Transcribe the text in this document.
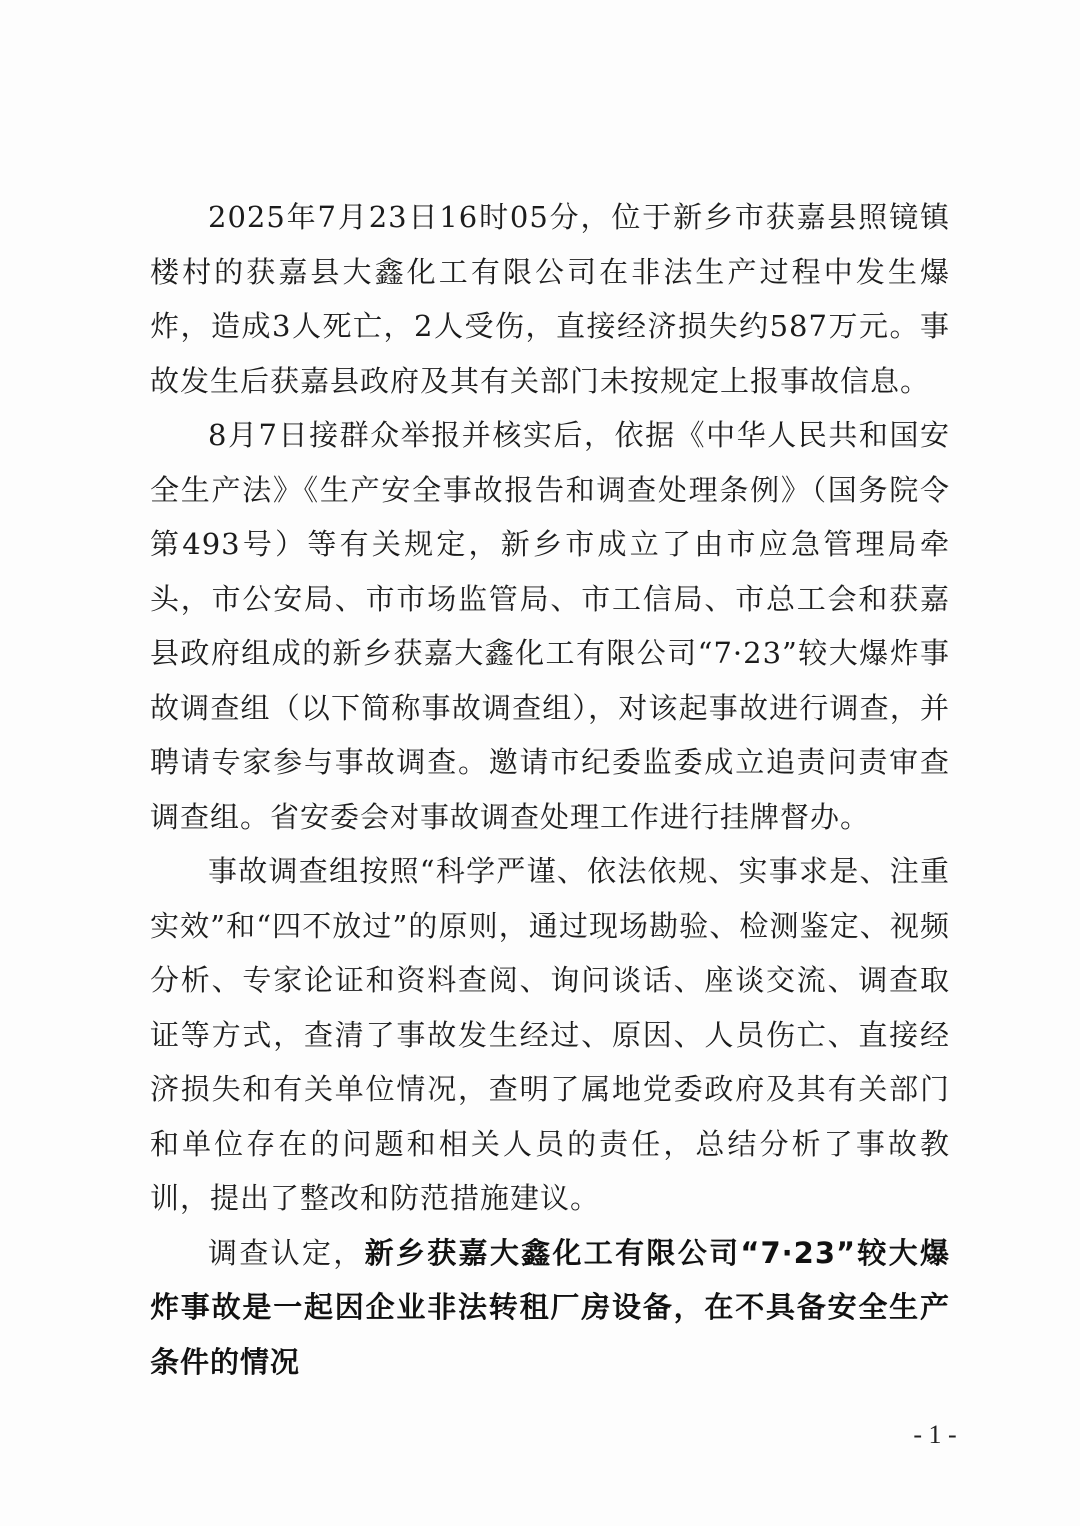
2025年7月23日16时05分，位于新乡市获嘉县照镜镇楼村的获嘉县大鑫化工有限公司在非法生产过程中发生爆炸，造成3人死亡，2人受伤，直接经济损失约587万元。事故发生后获嘉县政府及其有关部门未按规定上报事故信息。

8月7日接群众举报并核实后，依据《中华人民共和国安全生产法》《生产安全事故报告和调查处理条例》（国务院令第493号）等有关规定，新乡市成立了由市应急管理局牵头，市公安局、市市场监管局、市工信局、市总工会和获嘉县政府组成的新乡获嘉大鑫化工有限公司“7·23”较大爆炸事故调查组（以下简称事故调查组），对该起事故进行调查，并聘请专家参与事故调查。邀请市纪委监委成立追责问责审查调查组。省安委会对事故调查处理工作进行挂牌督办。

事故调查组按照“科学严谨、依法依规、实事求是、注重实效”和“四不放过”的原则，通过现场勘验、检测鉴定、视频分析、专家论证和资料查阅、询问谈话、座谈交流、调查取证等方式，查清了事故发生经过、原因、人员伤亡、直接经济损失和有关单位情况，查明了属地党委政府及其有关部门和单位存在的问题和相关人员的责任，总结分析了事故教训，提出了整改和防范措施建议。

调查认定，新乡获嘉大鑫化工有限公司“7·23”较大爆炸事故是一起因企业非法转租厂房设备，在不具备安全生产条件的情况

- 1 -
